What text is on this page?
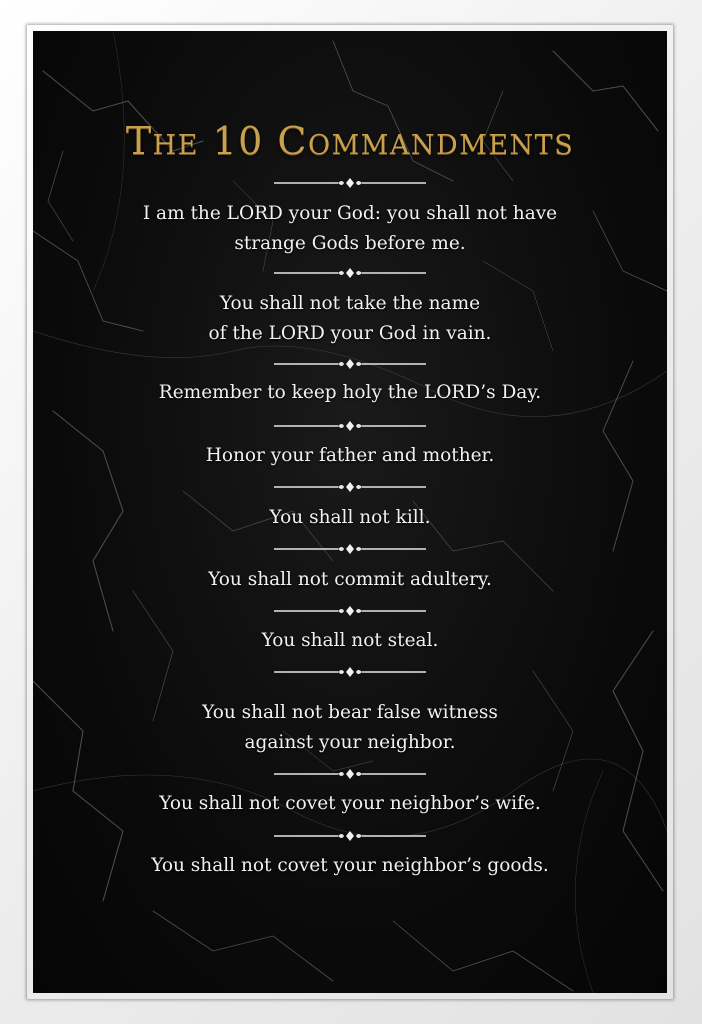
The 10 Commandments
I am the LORD your God: you shall not have
strange Gods before me.
You shall not take the name
of the LORD your God in vain.
Remember to keep holy the LORD’s Day.
Honor your father and mother.
You shall not kill.
You shall not commit adultery.
You shall not steal.
You shall not bear false witness
against your neighbor.
You shall not covet your neighbor’s wife.
You shall not covet your neighbor’s goods.
